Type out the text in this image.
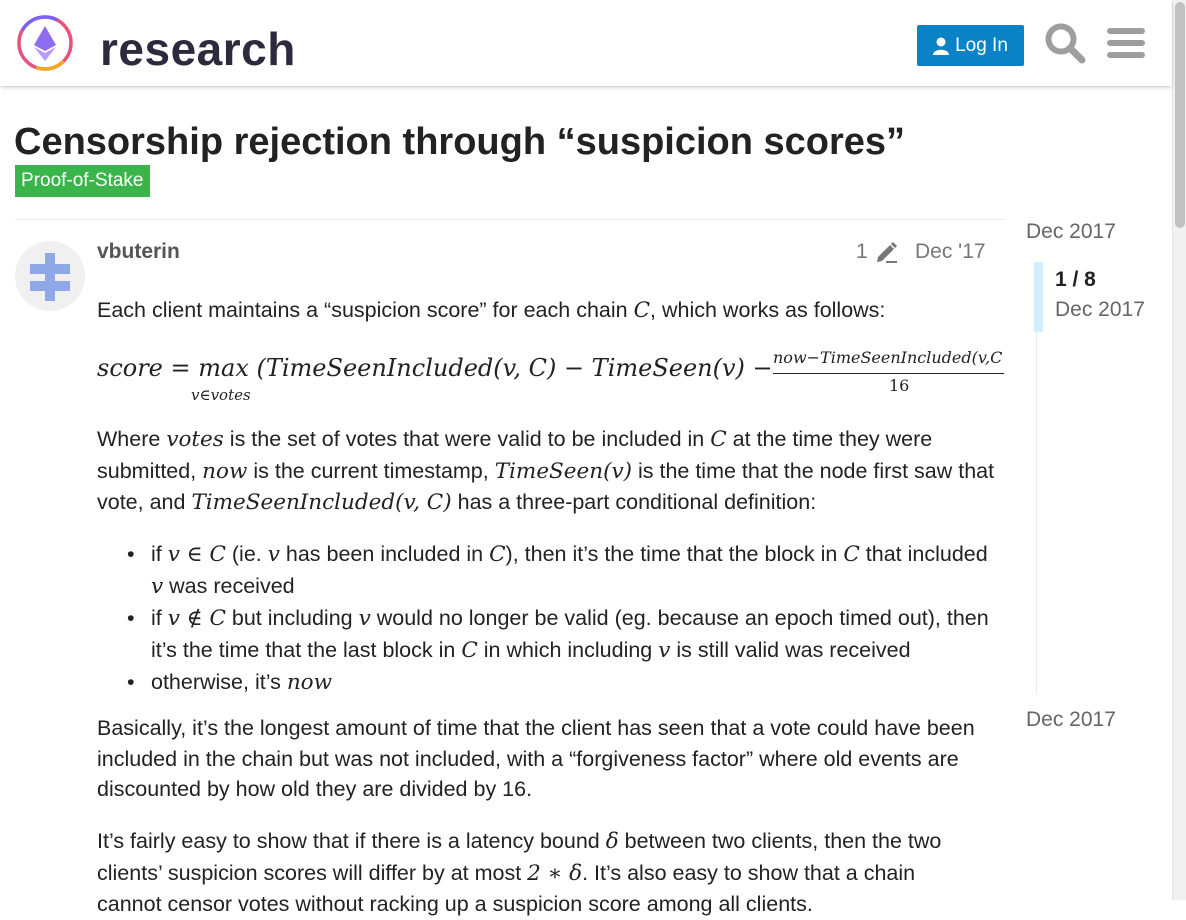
research	Log In
Censorship rejection through “suspicion scores”
Proof-of-Stake
vbuterin	1 Dec '17

Each client maintains a “suspicion score” for each chain C, which works as follows:

score = max (TimeSeenIncluded(v, C) − TimeSeen(v) −
v∈votes
now−TimeSeenIncluded(v,C
16
Where votes is the set of votes that were valid to be included in C at the time they were submitted, now is the current timestamp, TimeSeen(v) is the time that the node first saw that vote, and TimeSeenIncluded(v, C) has a three-part conditional definition:
• if v ∈ C (ie. v has been included in C), then it’s the time that the block in C that included v was received
• if v ∉ C but including v would no longer be valid (eg. because an epoch timed out), then it’s the time that the last block in C in which including v is still valid was received
• otherwise, it’s now
Basically, it’s the longest amount of time that the client has seen that a vote could have been included in the chain but was not included, with a “forgiveness factor” where old events are discounted by how old they are divided by 16.
It’s fairly easy to show that if there is a latency bound δ between two clients, then the two clients’ suspicion scores will differ by at most 2 ∗ δ. It’s also easy to show that a chain cannot censor votes without racking up a suspicion score among all clients.
Dec 2017
1 / 8
Dec 2017
Dec 2017
